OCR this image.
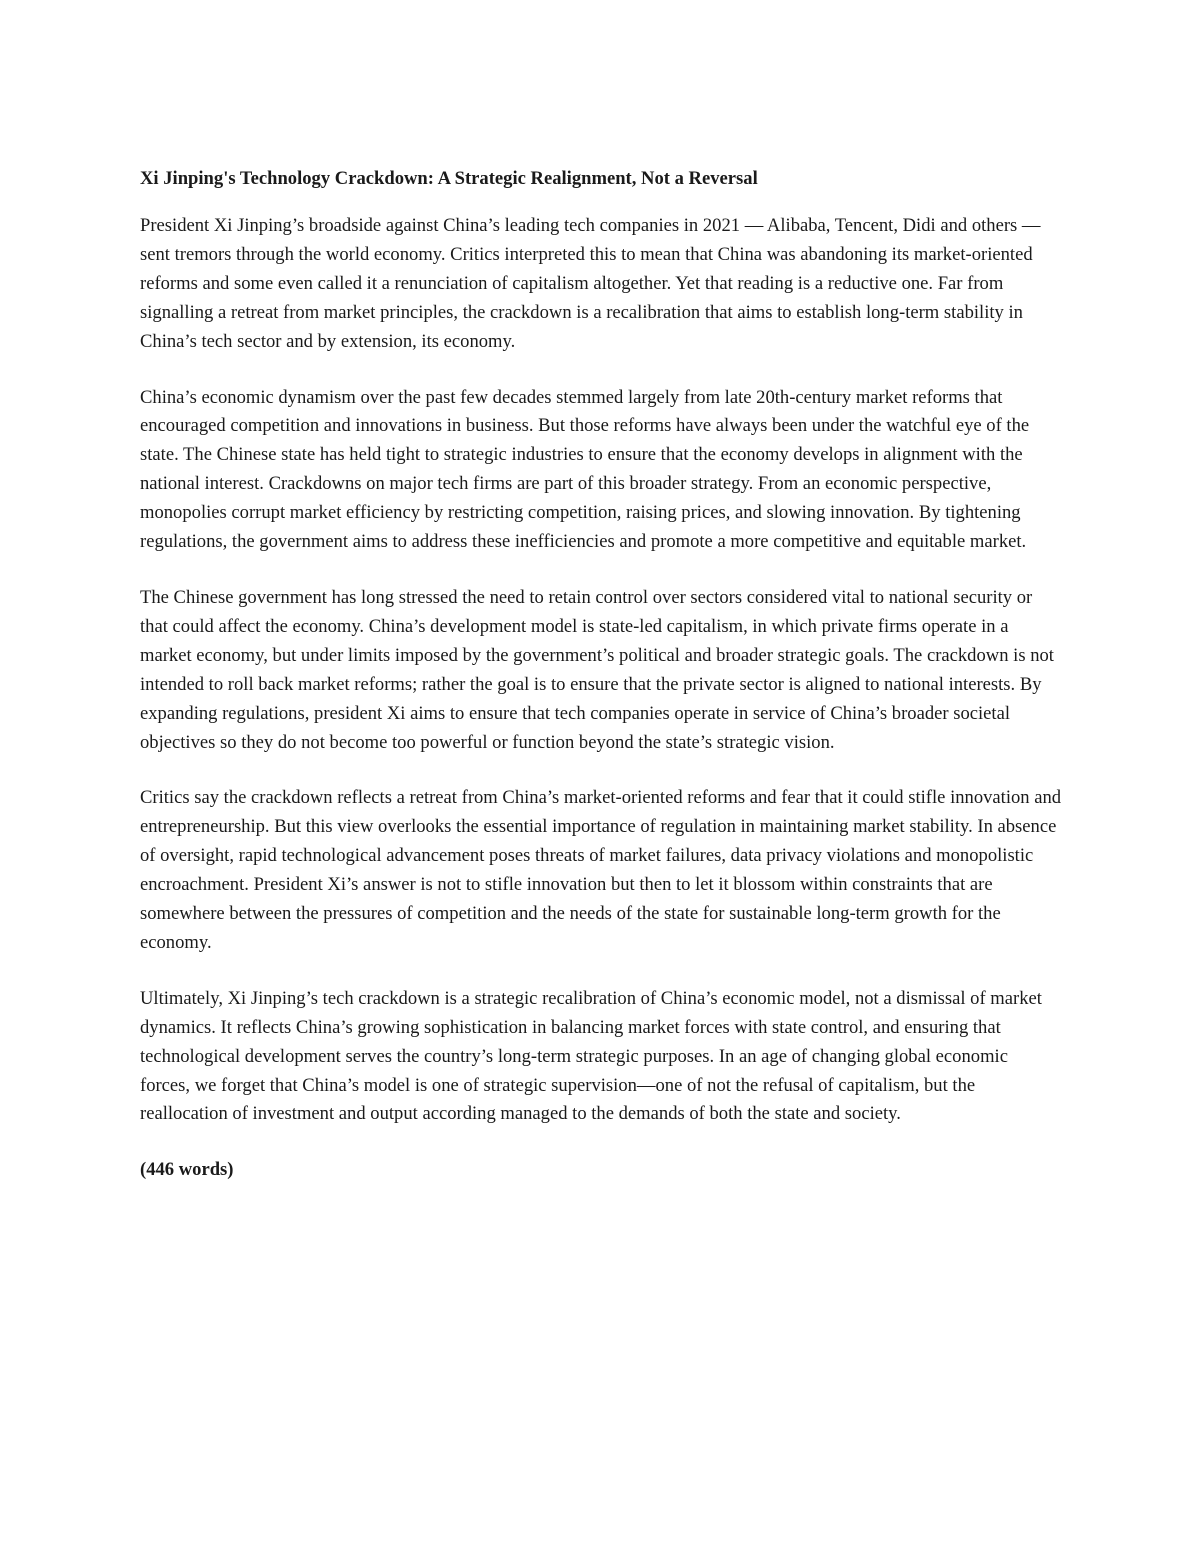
Xi Jinping's Technology Crackdown: A Strategic Realignment, Not a Reversal

President Xi Jinping’s broadside against China’s leading tech companies in 2021 — Alibaba, Tencent, Didi and others — sent tremors through the world economy. Critics interpreted this to mean that China was abandoning its market-oriented reforms and some even called it a renunciation of capitalism altogether. Yet that reading is a reductive one. Far from signalling a retreat from market principles, the crackdown is a recalibration that aims to establish long-term stability in China’s tech sector and by extension, its economy.

China’s economic dynamism over the past few decades stemmed largely from late 20th-century market reforms that encouraged competition and innovations in business. But those reforms have always been under the watchful eye of the state. The Chinese state has held tight to strategic industries to ensure that the economy develops in alignment with the national interest. Crackdowns on major tech firms are part of this broader strategy. From an economic perspective, monopolies corrupt market efficiency by restricting competition, raising prices, and slowing innovation. By tightening regulations, the government aims to address these inefficiencies and promote a more competitive and equitable market.

The Chinese government has long stressed the need to retain control over sectors considered vital to national security or that could affect the economy. China’s development model is state-led capitalism, in which private firms operate in a market economy, but under limits imposed by the government’s political and broader strategic goals. The crackdown is not intended to roll back market reforms; rather the goal is to ensure that the private sector is aligned to national interests. By expanding regulations, president Xi aims to ensure that tech companies operate in service of China’s broader societal objectives so they do not become too powerful or function beyond the state’s strategic vision.

Critics say the crackdown reflects a retreat from China’s market-oriented reforms and fear that it could stifle innovation and entrepreneurship. But this view overlooks the essential importance of regulation in maintaining market stability. In absence of oversight, rapid technological advancement poses threats of market failures, data privacy violations and monopolistic encroachment. President Xi’s answer is not to stifle innovation but then to let it blossom within constraints that are somewhere between the pressures of competition and the needs of the state for sustainable long-term growth for the economy.

Ultimately, Xi Jinping’s tech crackdown is a strategic recalibration of China’s economic model, not a dismissal of market dynamics. It reflects China’s growing sophistication in balancing market forces with state control, and ensuring that technological development serves the country’s long-term strategic purposes. In an age of changing global economic forces, we forget that China’s model is one of strategic supervision—one of not the refusal of capitalism, but the reallocation of investment and output according managed to the demands of both the state and society.

(446 words)
